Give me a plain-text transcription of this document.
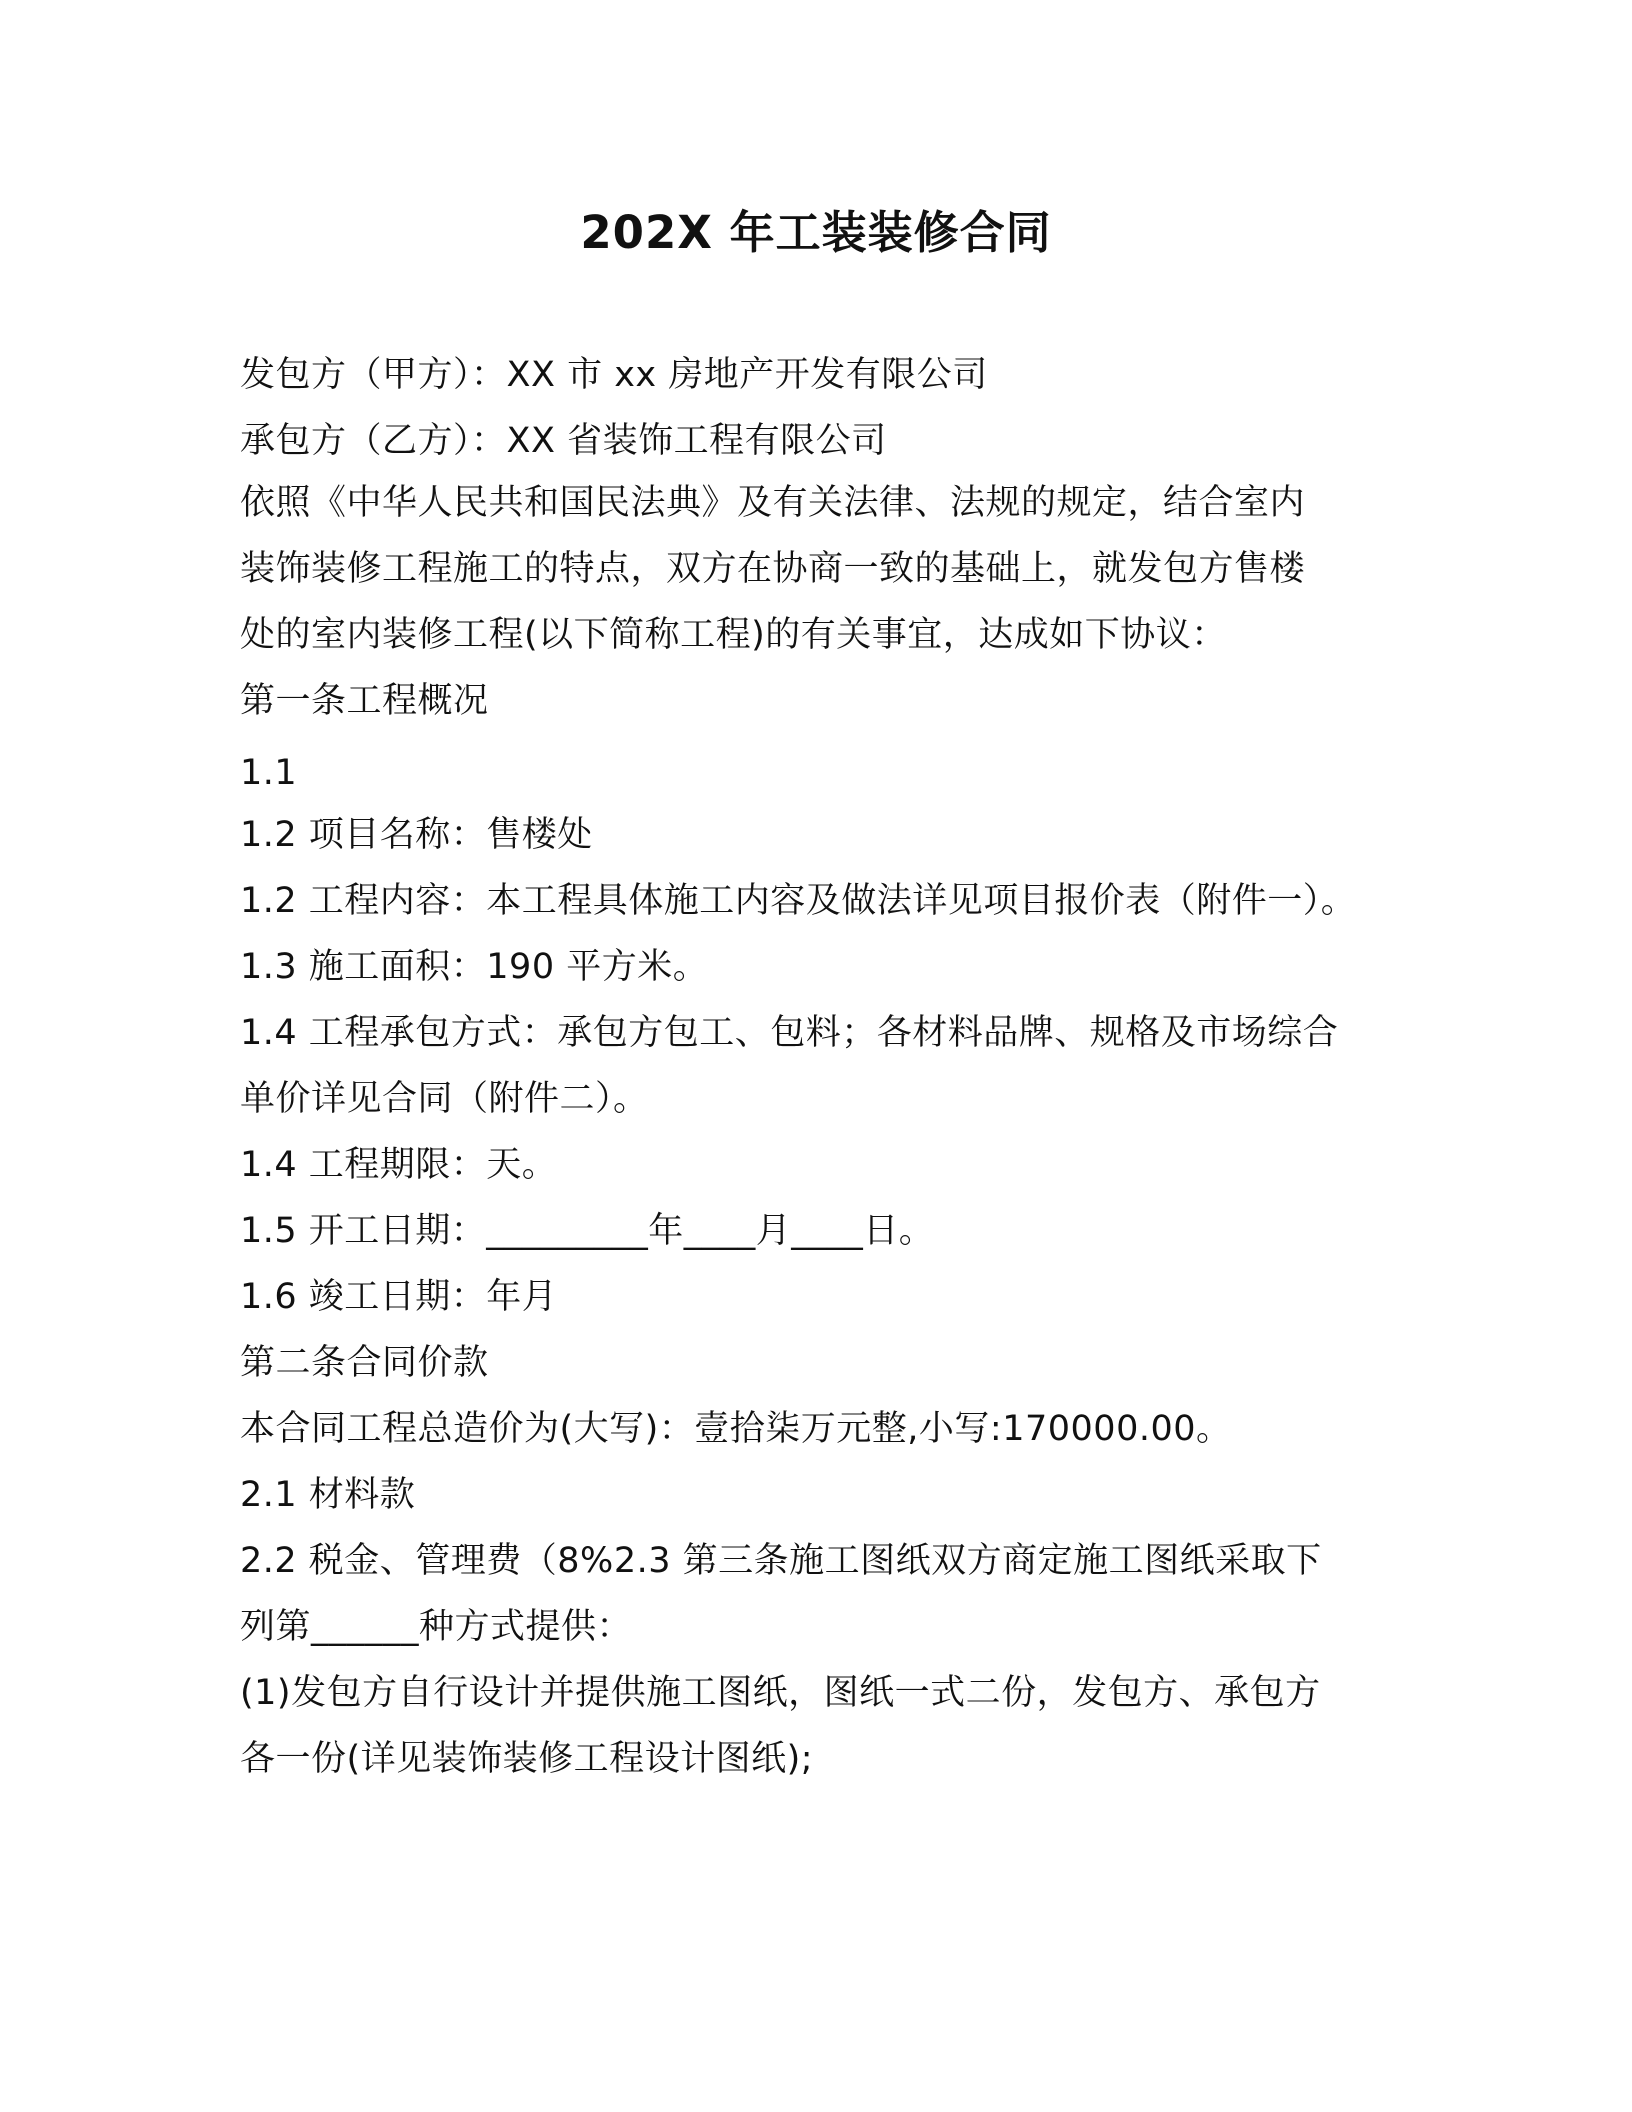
202X 年工装装修合同
发包方（甲方）：XX 市 xx 房地产开发有限公司
承包方（乙方）：XX 省装饰工程有限公司
依照《中华人民共和国民法典》及有关法律、法规的规定，结合室内
装饰装修工程施工的特点，双方在协商一致的基础上，就发包方售楼
处的室内装修工程(以下简称工程)的有关事宜，达成如下协议：
第一条工程概况
1.1
1.2 项目名称：售楼处
1.2 工程内容：本工程具体施工内容及做法详见项目报价表（附件一）。
1.3 施工面积：190 平方米。
1.4 工程承包方式：承包方包工、包料；各材料品牌、规格及市场综合
单价详见合同（附件二）。
1.4 工程期限：天。
1.5 开工日期：_________年____月____日。
1.6 竣工日期：年月
第二条合同价款
本合同工程总造价为(大写)：壹拾柒万元整,小写:170000.00。
2.1 材料款
2.2 税金、管理费（8%2.3 第三条施工图纸双方商定施工图纸采取下
列第______种方式提供：
(1)发包方自行设计并提供施工图纸，图纸一式二份，发包方、承包方
各一份(详见装饰装修工程设计图纸);
